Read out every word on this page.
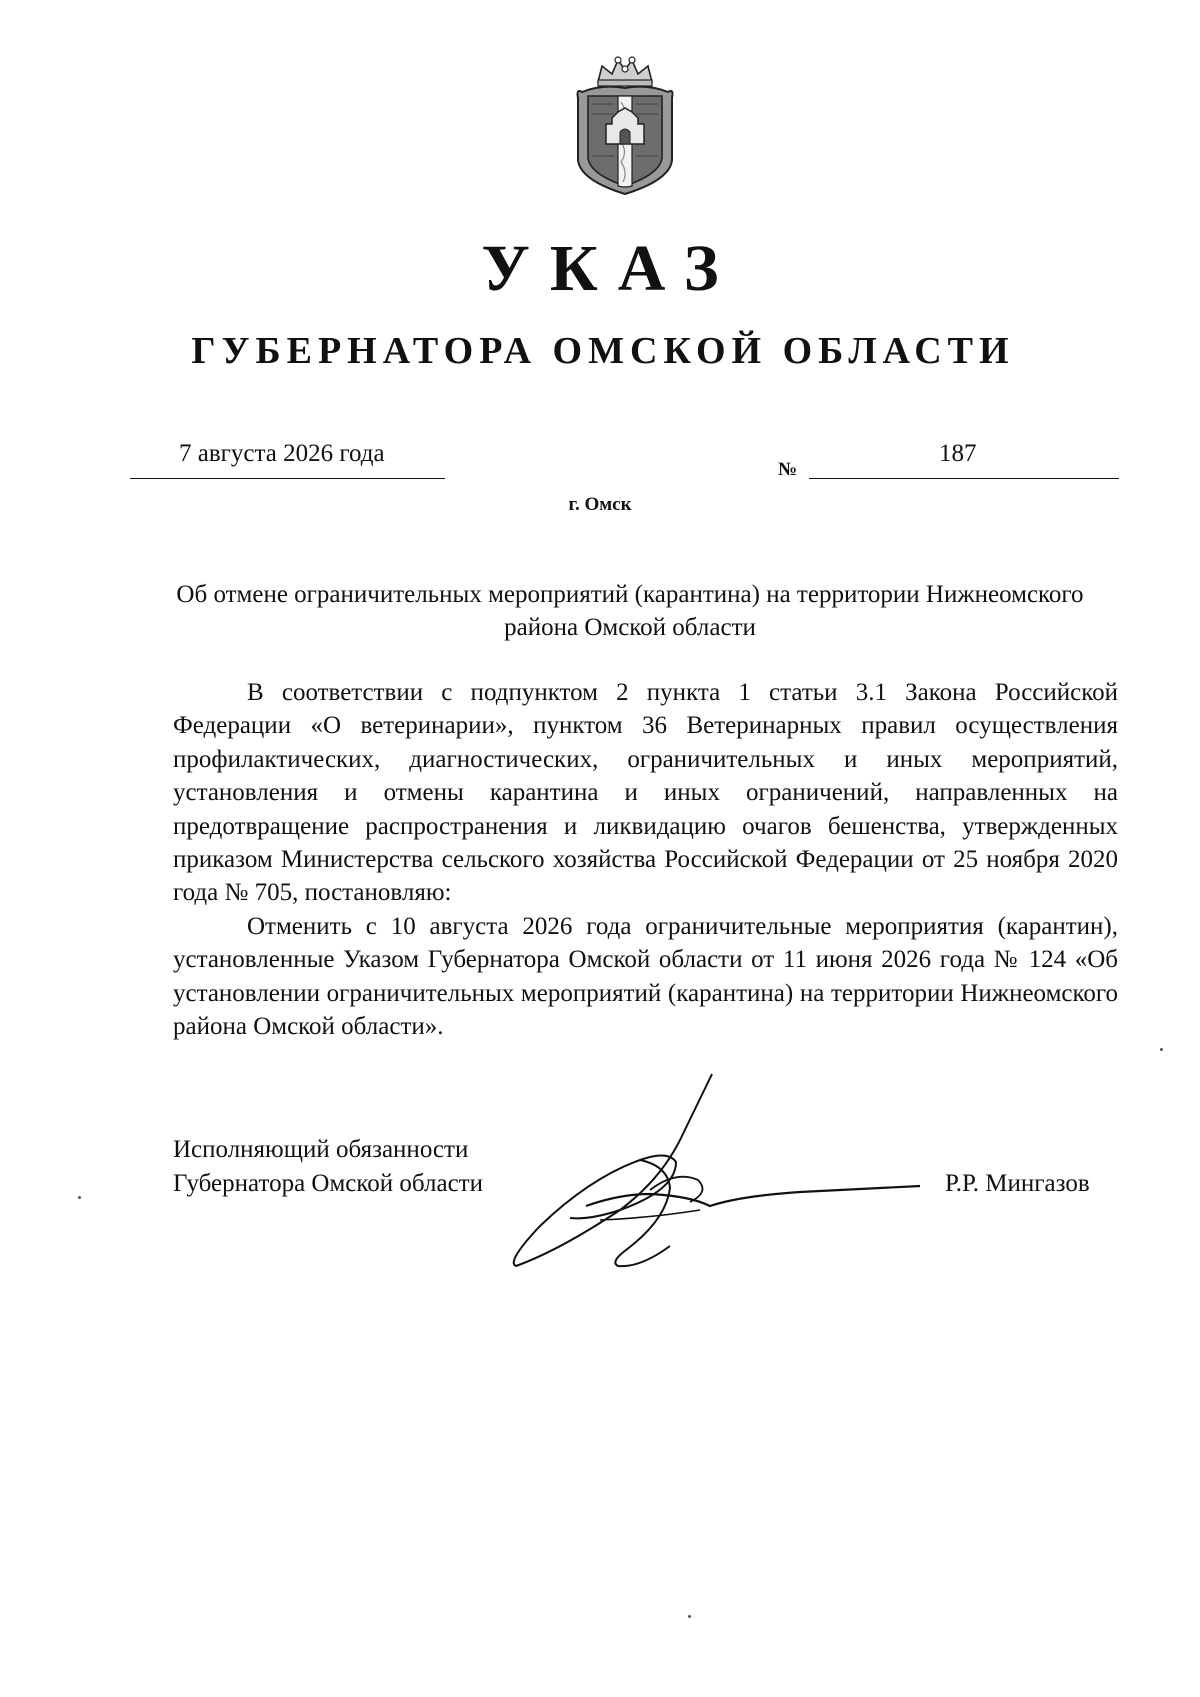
УКАЗ
ГУБЕРНАТОРА ОМСКОЙ ОБЛАСТИ
7 августа 2026 года
№
187
г. Омск
Об отмене ограничительных мероприятий (карантина) на территории Нижнеомского района Омской области

В соответствии с подпунктом 2 пункта 1 статьи 3.1 Закона Российской Федерации «О ветеринарии», пунктом 36 Ветеринарных правил осуществления профилактических, диагностических, ограничительных и иных мероприятий, установления и отмены карантина и иных ограничений, направленных на предотвращение распространения и ликвидацию очагов бешенства, утвержденных приказом Министерства сельского хозяйства Российской Федерации от 25 ноября 2020 года № 705, постановляю:

Отменить с 10 августа 2026 года ограничительные мероприятия (карантин), установленные Указом Губернатора Омской области от 11 июня 2026 года № 124 «Об установлении ограничительных мероприятий (карантина) на территории Нижнеомского района Омской области».

Исполняющий обязанности
Губернатора Омской области	Р.Р. Мингазов
